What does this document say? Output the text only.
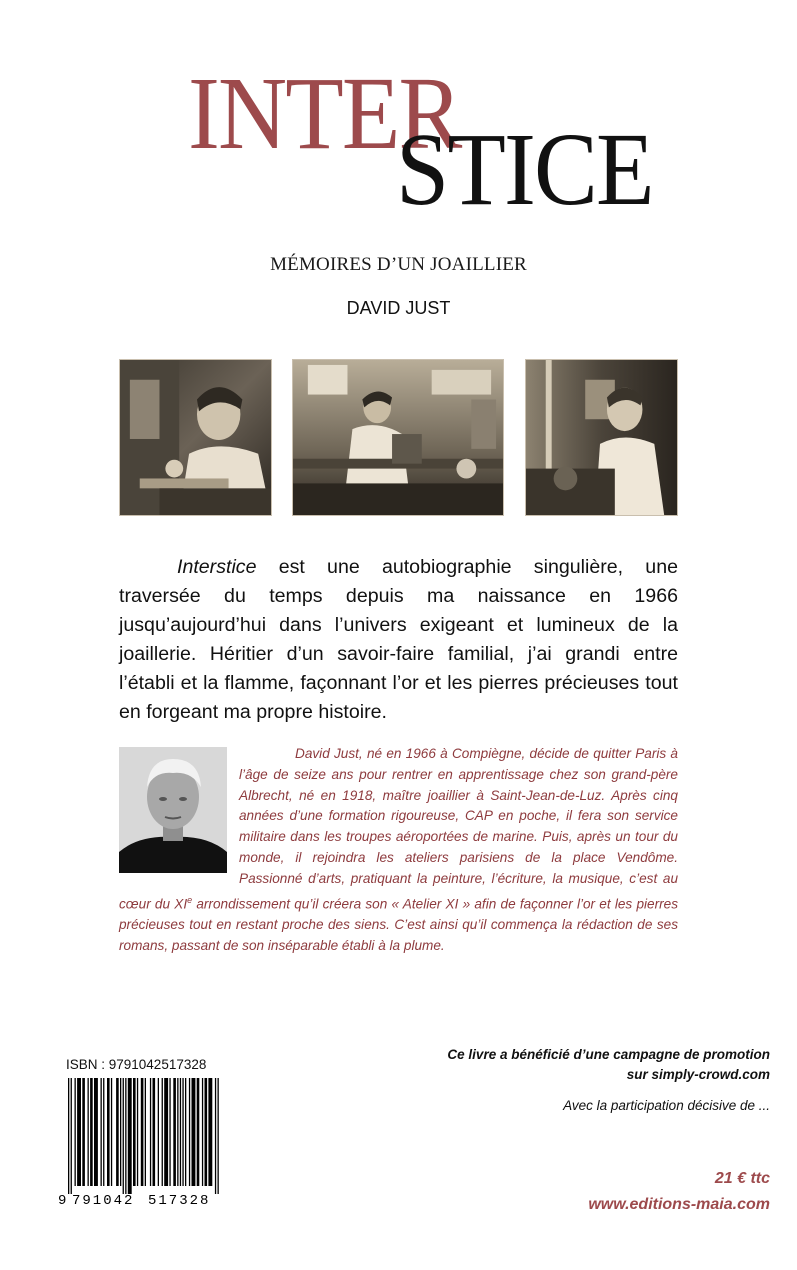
INTER
STICE
MÉMOIRES D’UN JOAILLIER
DAVID JUST
Interstice est une autobiographie singulière, une traversée du temps depuis ma naissance en 1966 jusqu’aujourd’hui dans l’univers exigeant et lumineux de la joaillerie. Héritier d’un savoir-faire familial, j’ai grandi entre l’établi et la flamme, façonnant l’or et les pierres précieuses tout en forgeant ma propre histoire.
David Just, né en 1966 à Compiègne, décide de quitter Paris à l’âge de seize ans pour rentrer en apprentissage chez son grand-père Albrecht, né en 1918, maître joaillier à Saint-Jean-de-Luz. Après cinq années d’une formation rigoureuse, CAP en poche, il fera son service militaire dans les troupes aéroportées de marine. Puis, après un tour du monde, il rejoindra les ateliers parisiens de la place Vendôme. Passionné d’arts, pratiquant la peinture, l’écriture, la musique, c’est au cœur du XIe arrondissement qu’il créera son « Atelier XI » afin de façonner l’or et les pierres précieuses tout en restant proche des siens. C’est ainsi qu’il commença la rédaction de ses romans, passant de son inséparable établi à la plume.
ISBN : 9791042517328
9 791042 517328
Ce livre a bénéficié d’une campagne de promotion
sur simply-crowd.com
Avec la participation décisive de ...
21 € ttc
www.editions-maia.com
